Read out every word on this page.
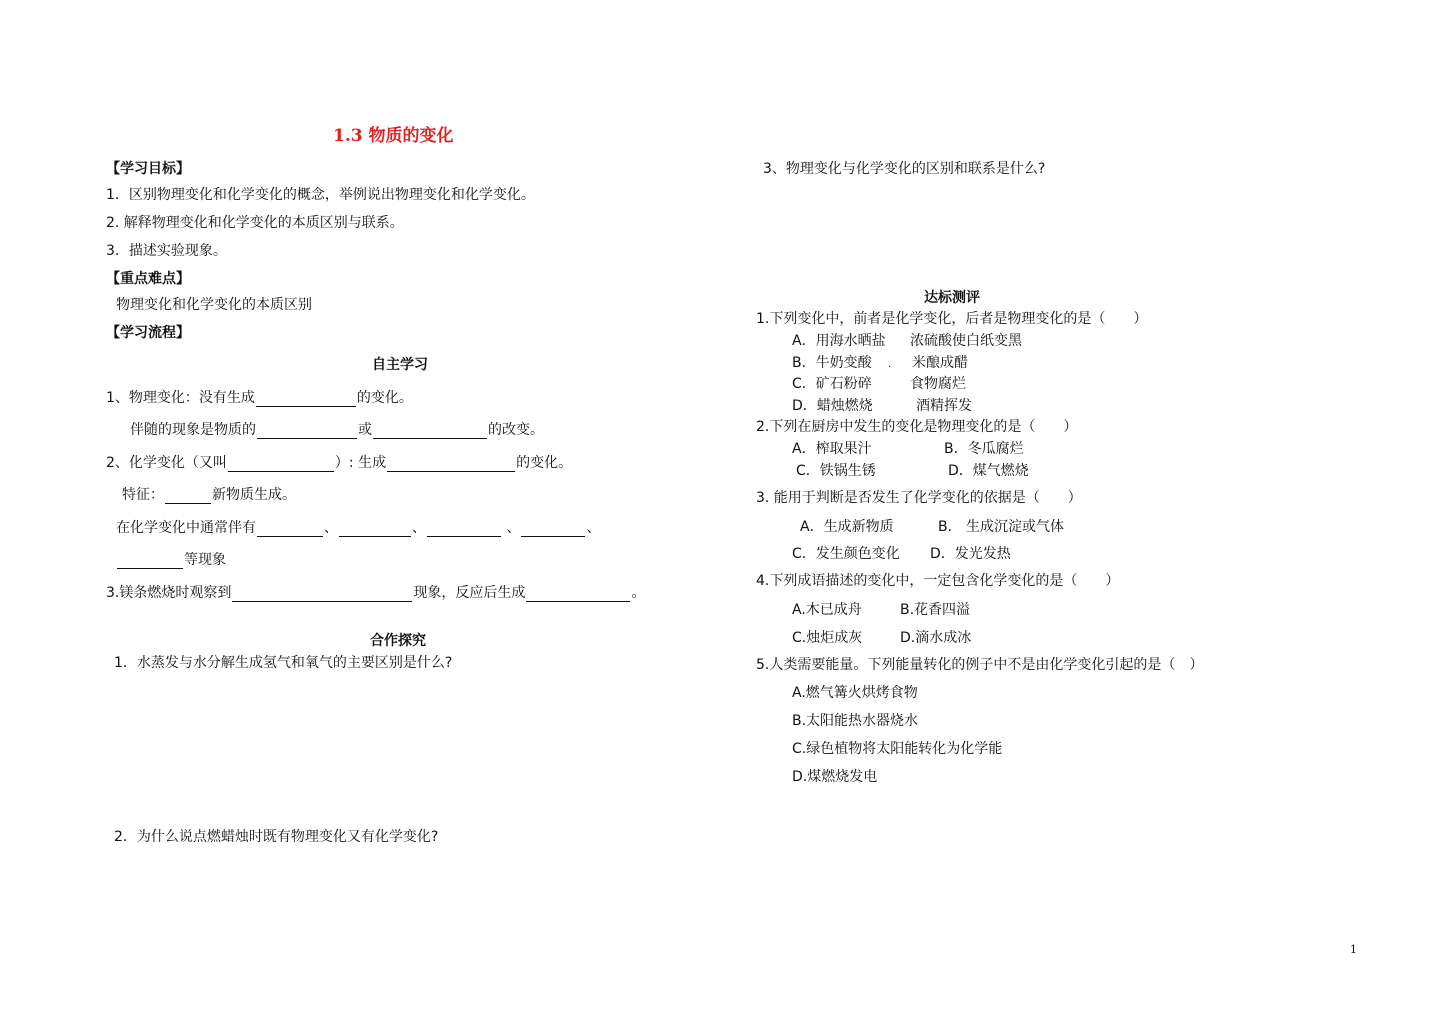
1.3 物质的变化
【学习目标】
1．区别物理变化和化学变化的概念，举例说出物理变化和化学变化。
2. 解释物理变化和化学变化的本质区别与联系。
3．描述实验现象。
【重点难点】
物理变化和化学变化的本质区别
【学习流程】
自主学习
1、物理变化：没有生成	的变化。
伴随的现象是物质的	或	的改变。
2、化学变化（又叫	）: 生成	的变化。
特征：	新物质生成。
在化学变化中通常伴有	、	、	、	、
等现象
3.镁条燃烧时观察到	现象，反应后生成	。
合作探究
1．水蒸发与水分解生成氢气和氧气的主要区别是什么?
2．为什么说点燃蜡烛时既有物理变化又有化学变化?
3、物理变化与化学变化的区别和联系是什么?
达标测评
1.下列变化中，前者是化学变化，后者是物理变化的是（　　）
A．用海水晒盐 浓硫酸使白纸变黑
B．牛奶变酸 . 米酿成醋
C．矿石粉碎	食物腐烂
D．蜡烛燃烧	酒精挥发
2.下列在厨房中发生的变化是物理变化的是（　　）
A．榨取果汁	B．冬瓜腐烂
C．铁锅生锈	D．煤气燃烧
3. 能用于判断是否发生了化学变化的依据是（　　）
A．生成新物质	B． 生成沉淀或气体
C．发生颜色变化 D．发光发热
4.下列成语描述的变化中，一定包含化学变化的是（　　）
A.木已成舟	B.花香四溢
C.烛炬成灰	D.滴水成冰
5.人类需要能量。下列能量转化的例子中不是由化学变化引起的是（　）
A.燃气篝火烘烤食物
B.太阳能热水器烧水
C.绿色植物将太阳能转化为化学能
D.煤燃烧发电
1
